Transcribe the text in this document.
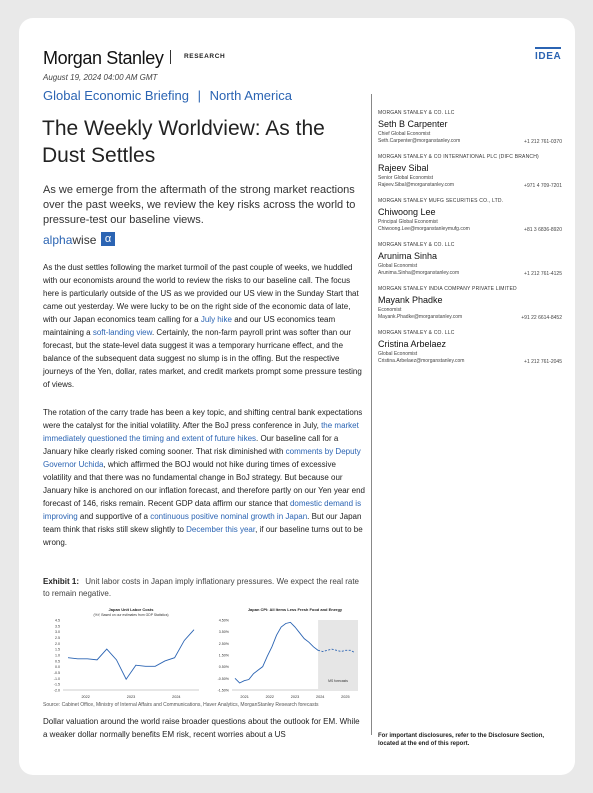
Morgan Stanley	RESEARCH	IDEA
August 19, 2024 04:00 AM GMT
Global Economic Briefing | North America
The Weekly Worldview: As the Dust Settles
As we emerge from the aftermath of the strong market reactions over the past weeks, we review the key risks across the world to pressure-test our baseline views.
alphawise α

As the dust settles following the market turmoil of the past couple of weeks, we huddled with our economists around the world to review the risks to our baseline call. The focus here is particularly outside of the US as we provided our US view in the Sunday Start that came out yesterday. We were lucky to be on the right side of the economic data of late, with our Japan economics team calling for a July hike and our US economics team maintaining a soft-landing view. Certainly, the non-farm payroll print was softer than our forecast, but the state-level data suggest it was a temporary hurricane effect, and the balance of the subsequent data suggest no slump is in the offing. But the respective journeys of the Yen, dollar, rates market, and credit markets prompt some pressure testing of views.

The rotation of the carry trade has been a key topic, and shifting central bank expectations were the catalyst for the initial volatility. After the BoJ press conference in July, the market immediately questioned the timing and extent of future hikes. Our baseline call for a January hike clearly risked coming sooner. That risk diminished with comments by Deputy Governor Uchida, which affirmed the BOJ would not hike during times of excessive volatility and that there was no fundamental change in BoJ strategy. But because our January hike is anchored on our inflation forecast, and therefore partly on our Yen year end forecast of 146, risks remain. Recent GDP data affirm our stance that domestic demand is improving and supportive of a continuous positive nominal growth in Japan. But our Japan team think that risks still skew slightly to December this year, if our baseline turns out to be wrong.

Exhibit 1: Unit labor costs in Japan imply inflationary pressures. We expect the real rate to remain negative.
Japan Unit Labor Costs
(%Y, Based on our estimates from GDP Statistics)
4.5
3.5
3.0
2.5
2.0
1.5
1.0
0.5
0.0
-0.5
-1.0
-1.5
-2.0
2022	2023	2024
Japan CPI: All Items Less Fresh Food and Energy
4.50%
3.50%
2.50%
1.50%
0.50%
-0.50%
-1.50%
2021	2022	2023	2024	2025
MS forecasts
Source: Cabinet Office, Ministry of Internal Affairs and Communications, Haver Analytics, MorganStanley Research forecasts

Dollar valuation around the world raise broader questions about the outlook for EM. While a weaker dollar normally benefits EM risk, recent worries about a US

MORGAN STANLEY & CO. LLC
Seth B Carpenter
Chief Global Economist
Seth.Carpenter@morganstanley.com	+1 212 761-0370
MORGAN STANLEY & CO INTERNATIONAL PLC (DIFC BRANCH)
Rajeev Sibal
Senior Global Economist
Rajeev.Sibal@morganstanley.com	+971 4 709-7201
MORGAN STANLEY MUFG SECURITIES CO., LTD.
Chiwoong Lee
Principal Global Economist
Chiwoong.Lee@morganstanleymufg.com	+81 3 6836-8920
MORGAN STANLEY & CO. LLC
Arunima Sinha
Global Economist
Arunima.Sinha@morganstanley.com	+1 212 761-4125
MORGAN STANLEY INDIA COMPANY PRIVATE LIMITED
Mayank Phadke
Economist
Mayank.Phadke@morganstanley.com	+91 22 6614-8452
MORGAN STANLEY & CO. LLC
Cristina Arbelaez
Global Economist
Cristina.Arbelaez@morganstanley.com	+1 212 761-2045
For important disclosures, refer to the Disclosure Section, located at the end of this report.
